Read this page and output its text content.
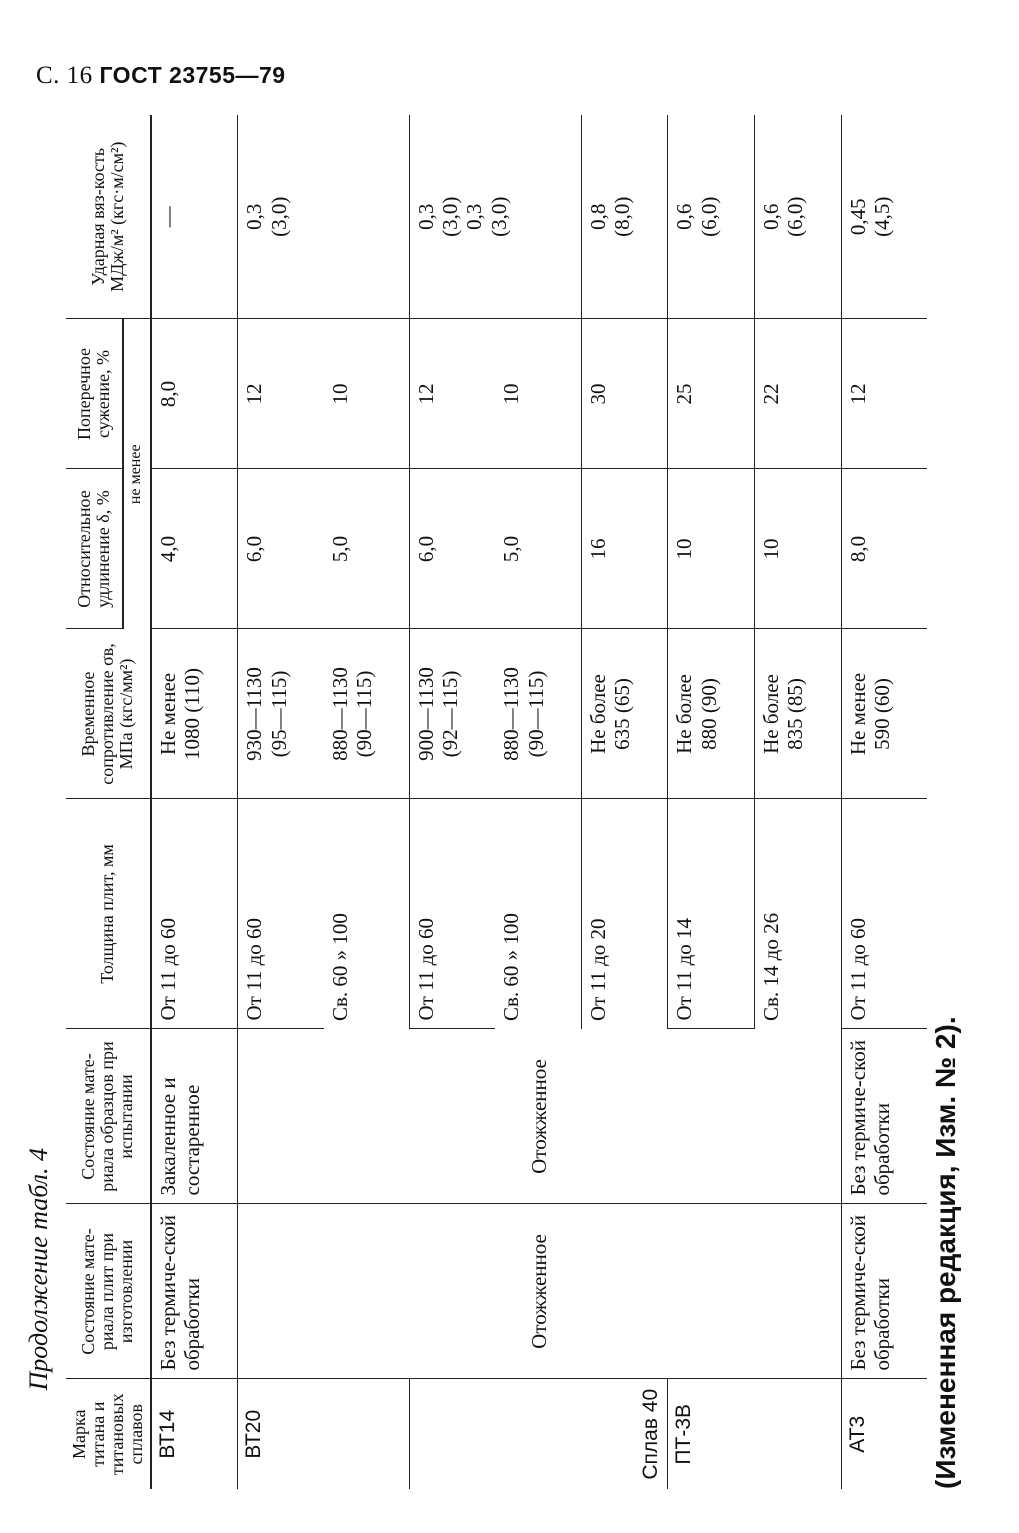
С. 16 ГОСТ 23755—79
Продолжение табл. 4
Марка титана и титановых сплавов	Состояние мате-риала плит при изготовлении	Состояние мате-риала образцов при испытании	Толщина плит, мм	Временное сопротивление σв, МПа (кгс/мм²)	Относительное удлинение δ, %	Поперечное сужение, %	Ударная вяз-кость МДж/м² (кгс·м/см²)
					не менее		
ВТ14	Без термиче-ской обработки	Закаленное и состаренное	От 11 до 60	Не менее 1080 (110)	4,0	8,0	—
ВТ20	Отожженное	Отожженное	От 11 до 60	930—1130 (95—115)	6,0	12	0,3 (3,0)

			Св. 60 » 100	880—1130 (90—115)	5,0	10	
Сплав 40			От 11 до 60	900—1130 (92—115)	6,0	12	0,3 (3,0) 0,3 (3,0)

			Св. 60 » 100	880—1130 (90—115)	5,0	10	
			От 11 до 20	Не более 635 (65)	16	30	0,8 (8,0)

ПТ-3В			От 11 до 14	Не более 880 (90)	10	25	0,6 (6,0)

			Св. 14 до 26	Не более 835 (85)	10	22	0,6 (6,0)

АТ3	Без термиче-ской обработки	Без термиче-ской обработки	От 11 до 60	Не менее 590 (60)	8,0	12	0,45 (4,5)
(Измененная редакция, Изм. № 2).
